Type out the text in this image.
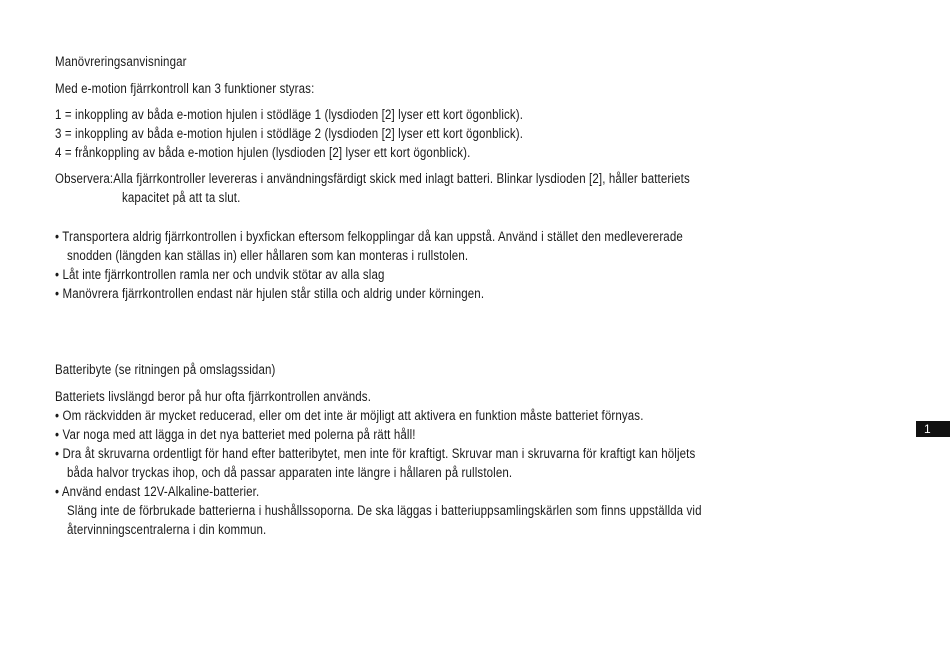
Manövreringsanvisningar
Med e-motion fjärrkontroll kan 3 funktioner styras:
1 = inkoppling av båda e-motion hjulen i stödläge 1 (lysdioden [2] lyser ett kort ögonblick).
3 = inkoppling av båda e-motion hjulen i stödläge 2 (lysdioden [2] lyser ett kort ögonblick).
4 = frånkoppling av båda e-motion hjulen (lysdioden [2] lyser ett kort ögonblick).
Observera:Alla fjärrkontroller levereras i användningsfärdigt skick med inlagt batteri. Blinkar lysdioden [2], håller batteriets
kapacitet på att ta slut.
• Transportera aldrig fjärrkontrollen i byxfickan eftersom felkopplingar då kan uppstå. Använd i stället den medlevererade
snodden (längden kan ställas in) eller hållaren som kan monteras i rullstolen.
• Låt inte fjärrkontrollen ramla ner och undvik stötar av alla slag
• Manövrera fjärrkontrollen endast när hjulen står stilla och aldrig under körningen.
Batteribyte (se ritningen på omslagssidan)
Batteriets livslängd beror på hur ofta fjärrkontrollen används.
• Om räckvidden är mycket reducerad, eller om det inte är möjligt att aktivera en funktion måste batteriet förnyas.
• Var noga med att lägga in det nya batteriet med polerna på rätt håll!
• Dra åt skruvarna ordentligt för hand efter batteribytet, men inte för kraftigt. Skruvar man i skruvarna för kraftigt kan höljets
båda halvor tryckas ihop, och då passar apparaten inte längre i hållaren på rullstolen.
• Använd endast 12V-Alkaline-batterier.
Släng inte de förbrukade batterierna i hushållssoporna. De ska läggas i batteriuppsamlingskärlen som finns uppställda vid
återvinningscentralerna i din kommun.
1
